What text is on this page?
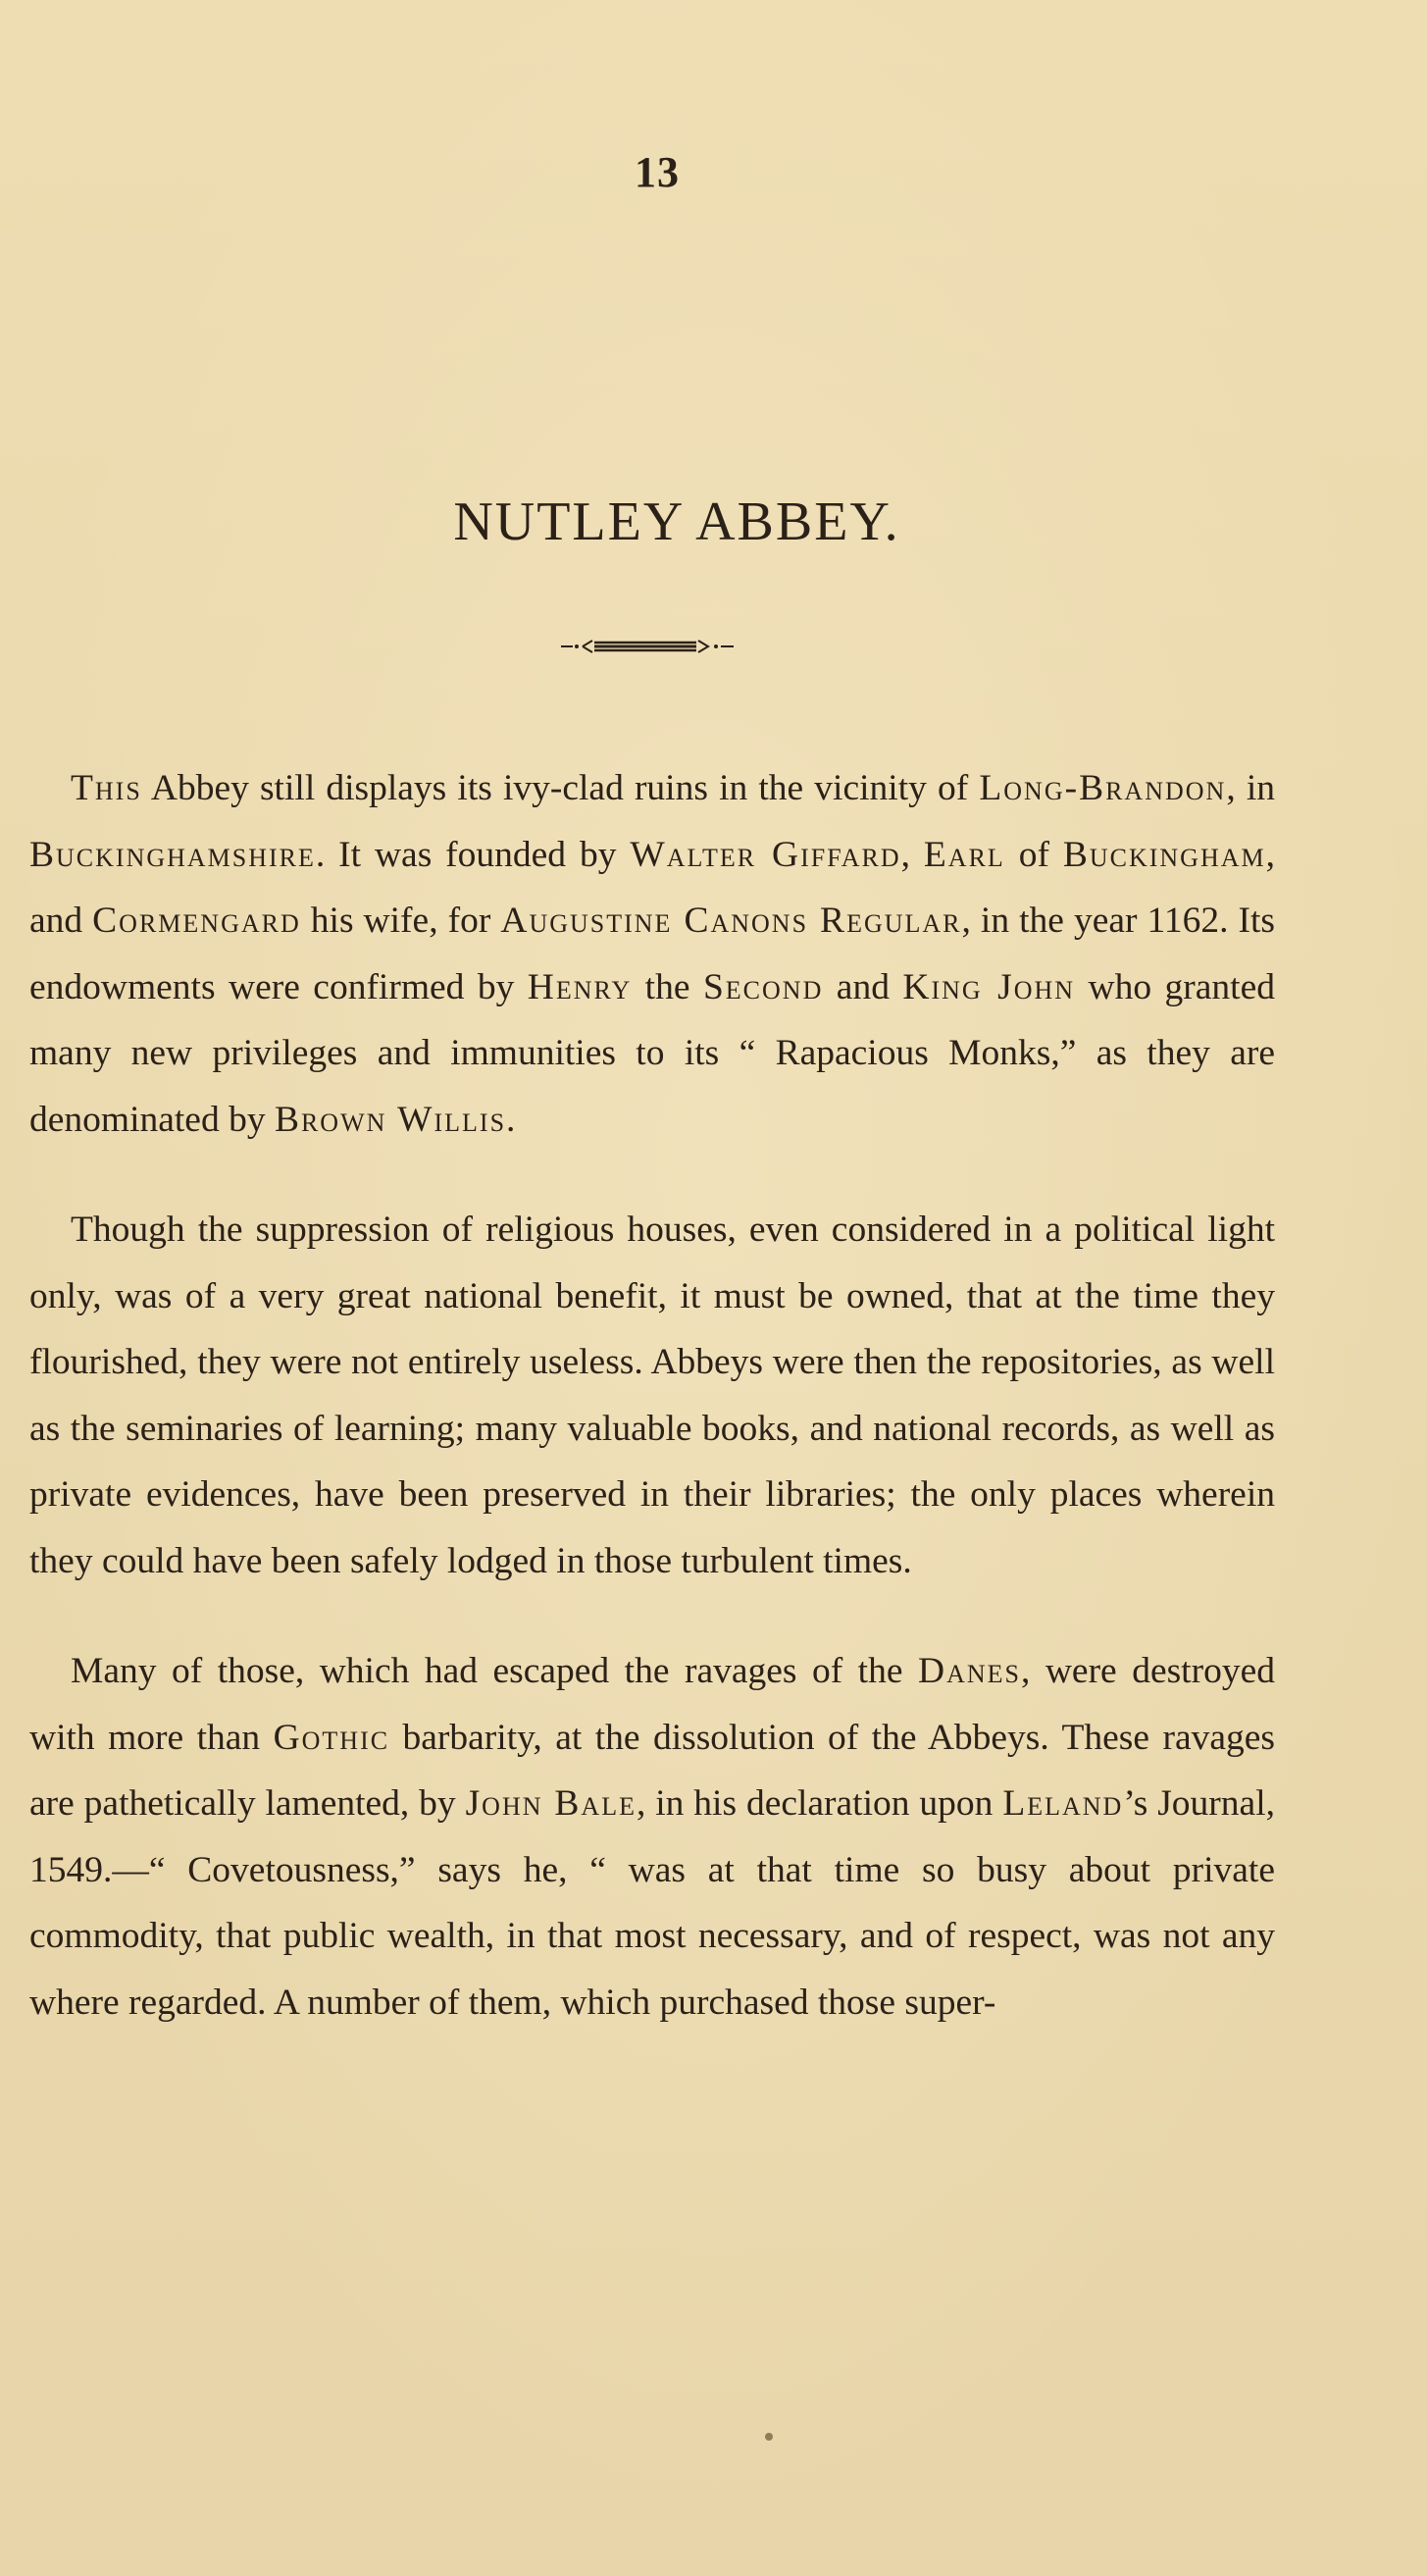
13
NUTLEY ABBEY.

This Abbey still displays its ivy-clad ruins in the vicinity of Long-Brandon, in Buckinghamshire. It was founded by Walter Giffard, Earl of Buckingham, and Cormengard his wife, for Augustine Canons Regular, in the year 1162. Its endowments were confirmed by Henry the Second and King John who granted many new privileges and immunities to its “ Rapacious Monks,” as they are denominated by Brown Willis.

Though the suppression of religious houses, even considered in a political light only, was of a very great national benefit, it must be owned, that at the time they flourished, they were not entirely useless. Abbeys were then the repositories, as well as the seminaries of learning; many valuable books, and national records, as well as private evidences, have been preserved in their libraries; the only places wherein they could have been safely lodged in those turbulent times.

Many of those, which had escaped the ravages of the Danes, were destroyed with more than Gothic barbarity, at the dissolution of the Abbeys. These ravages are pathetically lamented, by John Bale, in his declaration upon Leland’s Journal, 1549.—“ Covetousness,” says he, “ was at that time so busy about private commodity, that public wealth, in that most necessary, and of respect, was not any where regarded. A number of them, which purchased those super-
